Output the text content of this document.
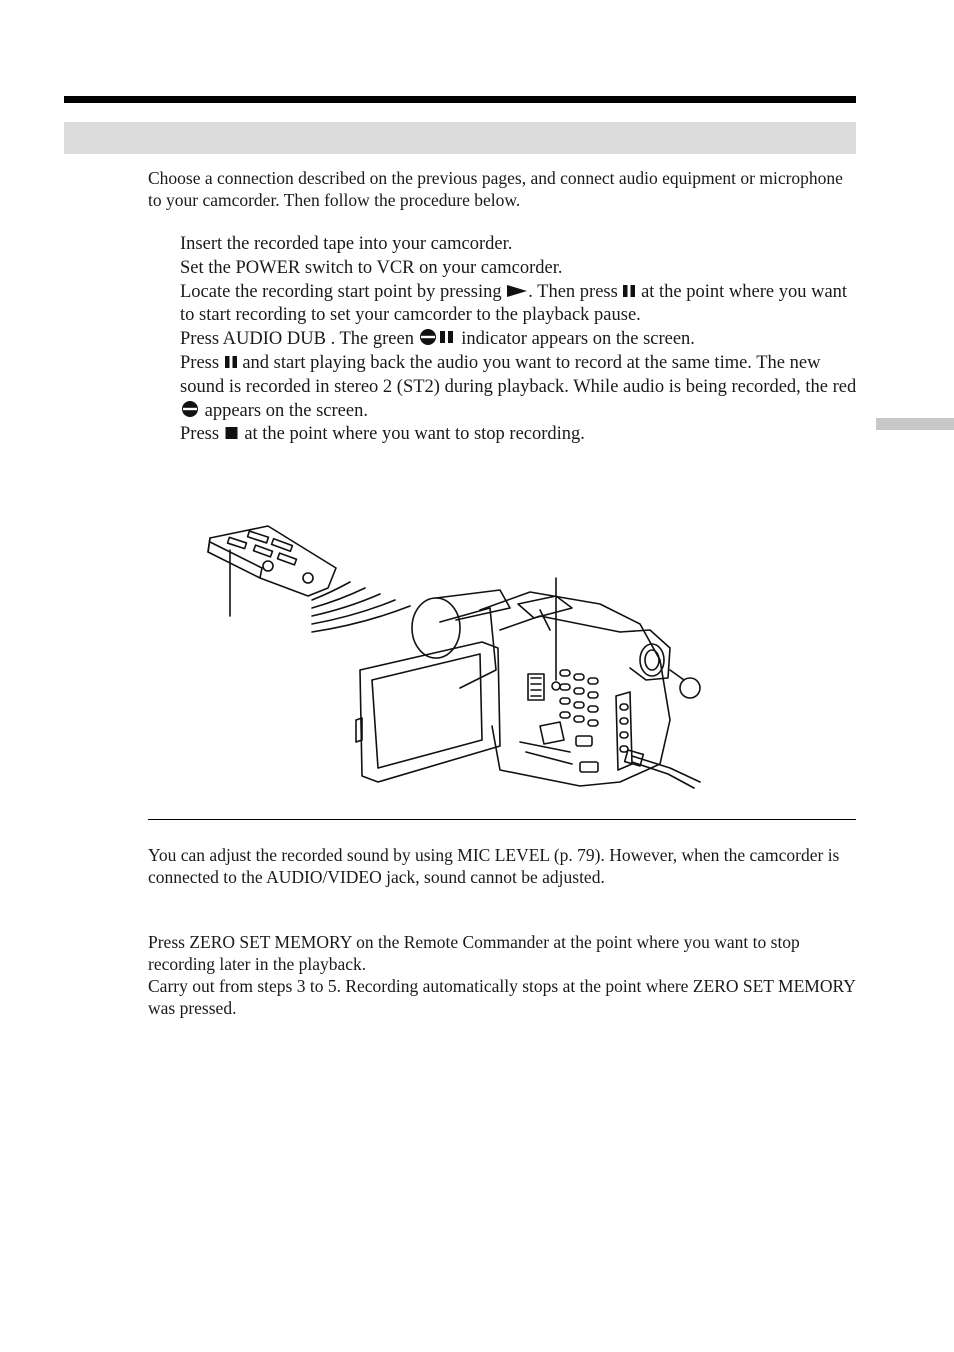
Choose a connection described on the previous pages, and connect audio equipment or microphone to your camcorder. Then follow the procedure below.

Insert the recorded tape into your camcorder.
Set the POWER switch to VCR on your camcorder.
Locate the recording start point by pressing . Then press at the point where you want to start recording to set your camcorder to the playback pause.
Press AUDIO DUB . The green	indicator appears on the screen.
Press and start playing back the audio you want to record at the same time. The new sound is recorded in stereo 2 (ST2) during playback. While audio is being recorded, the red  appears on the screen.
Press at the point where you want to stop recording.

You can adjust the recorded sound by using MIC LEVEL (p. 79). However, when the camcorder is connected to the AUDIO/VIDEO jack, sound cannot be adjusted.

Press ZERO SET MEMORY on the Remote Commander at the point where you want to stop recording later in the playback.
Carry out from steps 3 to 5. Recording automatically stops at the point where ZERO SET MEMORY was pressed.
